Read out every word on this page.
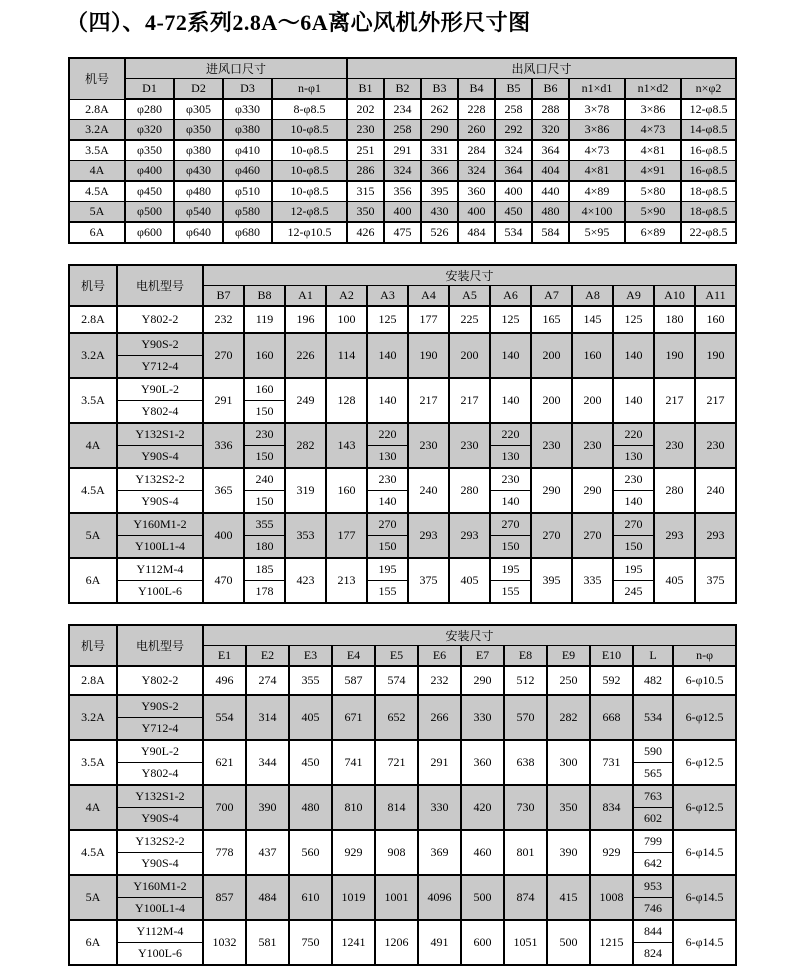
（四）、4-72系列2.8A～6A离心风机外形尺寸图
机号	进风口尺寸				出风口尺寸								
	D1	D2	D3	n-φ1	B1	B2	B3	B4	B5	B6	n1×d1	n1×d2	n×φ2
2.8A	φ280	φ305	φ330	8-φ8.5	202	234	262	228	258	288	3×78	3×86	12-φ8.5
3.2A	φ320	φ350	φ380	10-φ8.5	230	258	290	260	292	320	3×86	4×73	14-φ8.5
3.5A	φ350	φ380	φ410	10-φ8.5	251	291	331	284	324	364	4×73	4×81	16-φ8.5
4A	φ400	φ430	φ460	10-φ8.5	286	324	366	324	364	404	4×81	4×91	16-φ8.5
4.5A	φ450	φ480	φ510	10-φ8.5	315	356	395	360	400	440	4×89	5×80	18-φ8.5
5A	φ500	φ540	φ580	12-φ8.5	350	400	430	400	450	480	4×100	5×90	18-φ8.5
6A	φ600	φ640	φ680	12-φ10.5	426	475	526	484	534	584	5×95	6×89	22-φ8.5
机号	电机型号	安装尺寸												
		B7	B8	A1	A2	A3	A4	A5	A6	A7	A8	A9	A10	A11
2.8A	Y802-2	232	119	196	100	125	177	225	125	165	145	125	180	160
3.2A	Y90S-2	270	160	226	114	140	190	200	140	200	160	140	190	190
	Y712-4													
3.5A	Y90L-2	291	160	249	128	140	217	217	140	200	200	140	217	217
	Y802-4		150											
4A	Y132S1-2	336	230	282	143	220	230	230	220	230	230	220	230	230
	Y90S-4		150			130			130			130		
4.5A	Y132S2-2	365	240	319	160	230	240	280	230	290	290	230	280	240
	Y90S-4		150			140			140			140		
5A	Y160M1-2	400	355	353	177	270	293	293	270	270	270	270	293	293
	Y100L1-4		180			150			150			150		
6A	Y112M-4	470	185	423	213	195	375	405	195	395	335	195	405	375
	Y100L-6		178			155			155			245		
机号	电机型号	安装尺寸											
		E1	E2	E3	E4	E5	E6	E7	E8	E9	E10	L	n-φ
2.8A	Y802-2	496	274	355	587	574	232	290	512	250	592	482	6-φ10.5
3.2A	Y90S-2	554	314	405	671	652	266	330	570	282	668	534	6-φ12.5
	Y712-4												
3.5A	Y90L-2	621	344	450	741	721	291	360	638	300	731	590	6-φ12.5
	Y802-4											565	
4A	Y132S1-2	700	390	480	810	814	330	420	730	350	834	763	6-φ12.5
	Y90S-4											602	
4.5A	Y132S2-2	778	437	560	929	908	369	460	801	390	929	799	6-φ14.5
	Y90S-4											642	
5A	Y160M1-2	857	484	610	1019	1001	4096	500	874	415	1008	953	6-φ14.5
	Y100L1-4											746	
6A	Y112M-4	1032	581	750	1241	1206	491	600	1051	500	1215	844	6-φ14.5
	Y100L-6											824	
